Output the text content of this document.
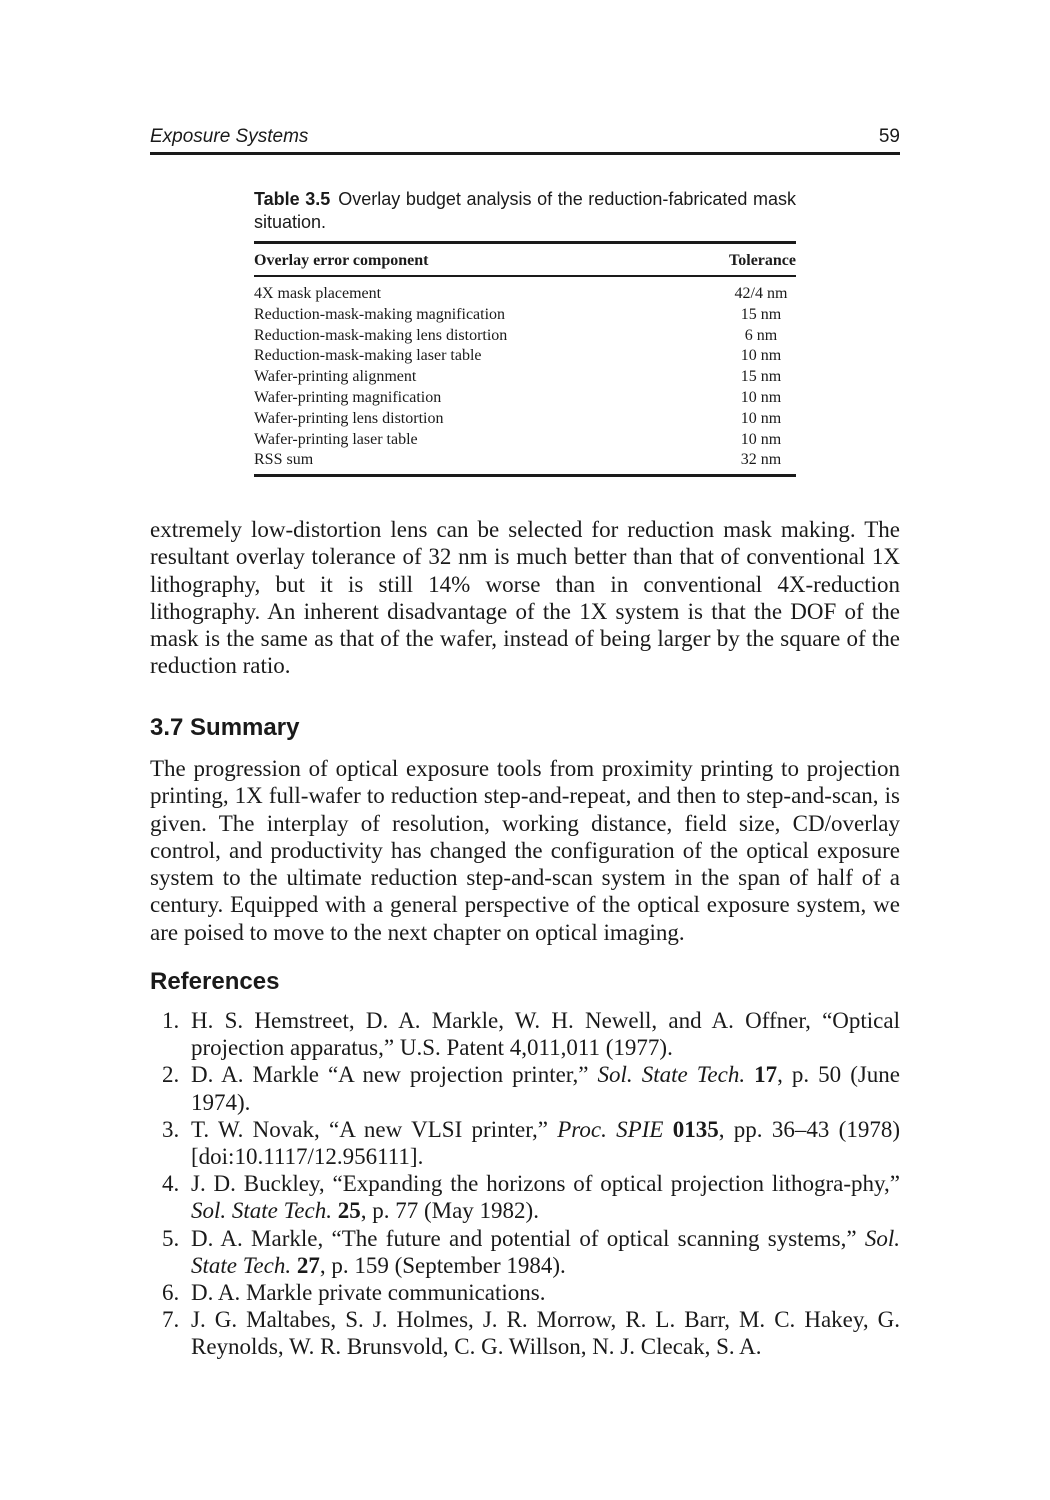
Exposure Systems	59
Table 3.5 Overlay budget analysis of the reduction-fabricated mask situation.
Overlay error component	Tolerance
4X mask placement	42/4 nm
Reduction-mask-making magnification	15 nm
Reduction-mask-making lens distortion	6 nm
Reduction-mask-making laser table	10 nm
Wafer-printing alignment	15 nm
Wafer-printing magnification	10 nm
Wafer-printing lens distortion	10 nm
Wafer-printing laser table	10 nm
RSS sum	32 nm

extremely low-distortion lens can be selected for reduction mask making. The resultant overlay tolerance of 32 nm is much better than that of conventional 1X lithography, but it is still 14% worse than in conventional 4X-reduction lithography. An inherent disadvantage of the 1X system is that the DOF of the mask is the same as that of the wafer, instead of being larger by the square of the reduction ratio.

3.7 Summary

The progression of optical exposure tools from proximity printing to projection printing, 1X full-wafer to reduction step-and-repeat, and then to step-and-scan, is given. The interplay of resolution, working distance, field size, CD/overlay control, and productivity has changed the configuration of the optical exposure system to the ultimate reduction step-and-scan system in the span of half of a century. Equipped with a general perspective of the optical exposure system, we are poised to move to the next chapter on optical imaging.

References
1. H. S. Hemstreet, D. A. Markle, W. H. Newell, and A. Offner, “Optical projection apparatus,” U.S. Patent 4,011,011 (1977).
2. D. A. Markle “A new projection printer,” Sol. State Tech. 17, p. 50 (June 1974).
3. T. W. Novak, “A new VLSI printer,” Proc. SPIE 0135, pp. 36–43 (1978) [doi:10.1117/12.956111].
4. J. D. Buckley, “Expanding the horizons of optical projection lithogra-phy,” Sol. State Tech. 25, p. 77 (May 1982).
5. D. A. Markle, “The future and potential of optical scanning systems,” Sol. State Tech. 27, p. 159 (September 1984).
6. D. A. Markle private communications.
7. J. G. Maltabes, S. J. Holmes, J. R. Morrow, R. L. Barr, M. C. Hakey, G. Reynolds, W. R. Brunsvold, C. G. Willson, N. J. Clecak, S. A.
